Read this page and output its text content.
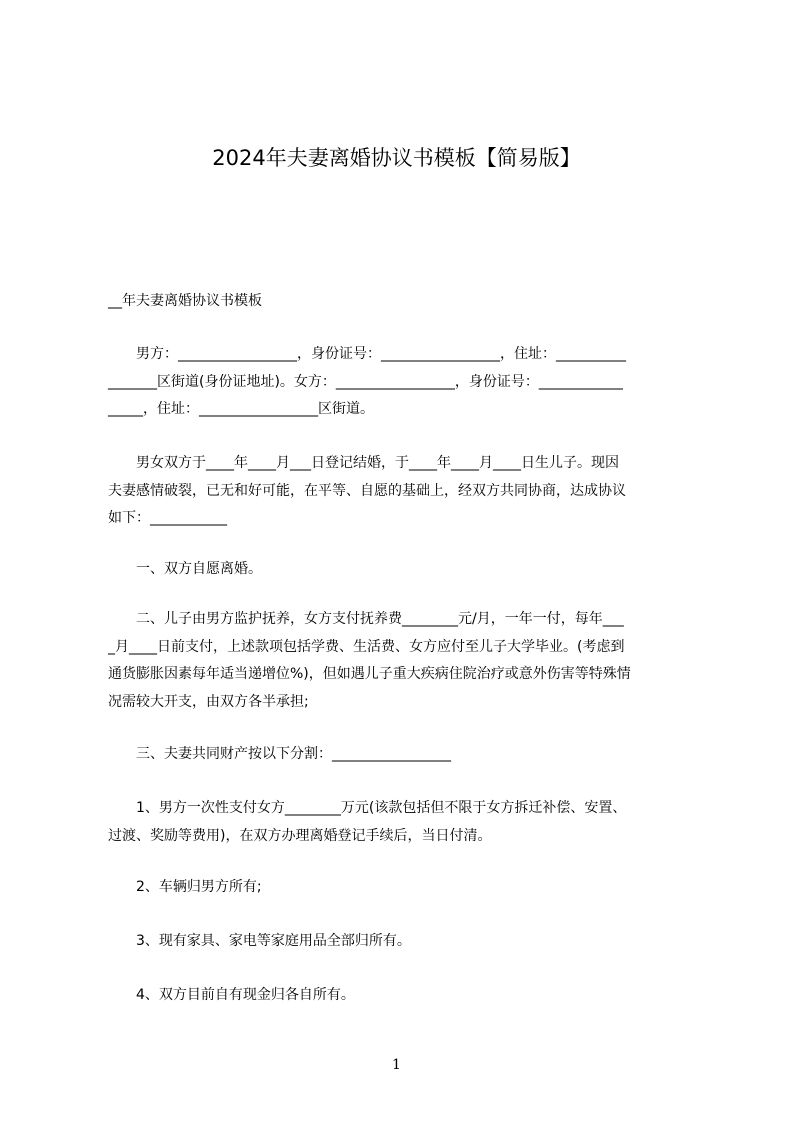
2024年夫妻离婚协议书模板【简易版】

__年夫妻离婚协议书模板

　　男方：_________________，身份证号：_________________，住址：__________
_______区街道(身份证地址)。女方：_________________，身份证号：____________
_____，住址：_________________区街道。

　　男女双方于____年____月___日登记结婚，于____年____月____日生儿子。现因
夫妻感情破裂，已无和好可能，在平等、自愿的基础上，经双方共同协商，达成协议
如下：___________

　　一、双方自愿离婚。

　　二、儿子由男方监护抚养，女方支付抚养费________元/月，一年一付，每年___
_月____日前支付，上述款项包括学费、生活费、女方应付至儿子大学毕业。(考虑到
通货膨胀因素每年适当递增位%)，但如遇儿子重大疾病住院治疗或意外伤害等特殊情
况需较大开支，由双方各半承担;

　　三、夫妻共同财产按以下分割：_________________

　　1、男方一次性支付女方________万元(该款包括但不限于女方拆迁补偿、安置、
过渡、奖励等费用)，在双方办理离婚登记手续后，当日付清。

　　2、车辆归男方所有;

　　3、现有家具、家电等家庭用品全部归所有。

　　4、双方目前自有现金归各自所有。

1
